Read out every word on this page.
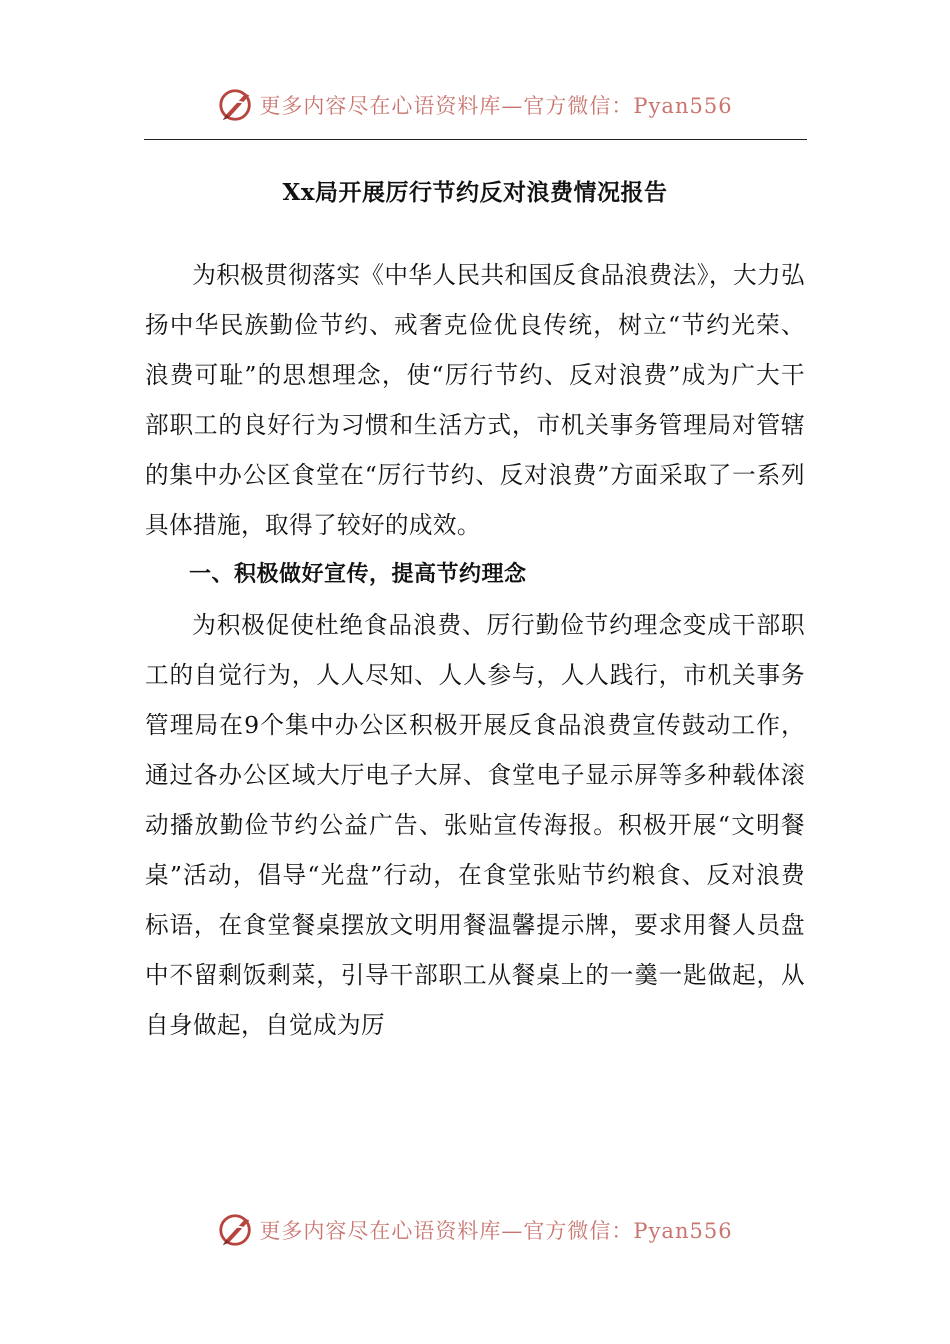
更多内容尽在心语资料库—官方微信：Pyan556
Xx局开展厉行节约反对浪费情况报告

为积极贯彻落实《中华人民共和国反食品浪费法》，大力弘扬中华民族勤俭节约、戒奢克俭优良传统，树立“节约光荣、浪费可耻”的思想理念，使“厉行节约、反对浪费”成为广大干部职工的良好行为习惯和生活方式，市机关事务管理局对管辖的集中办公区食堂在“厉行节约、反对浪费”方面采取了一系列具体措施，取得了较好的成效。

一、积极做好宣传，提高节约理念

为积极促使杜绝食品浪费、厉行勤俭节约理念变成干部职工的自觉行为，人人尽知、人人参与，人人践行，市机关事务管理局在9个集中办公区积极开展反食品浪费宣传鼓动工作，通过各办公区域大厅电子大屏、食堂电子显示屏等多种载体滚动播放勤俭节约公益广告、张贴宣传海报。积极开展“文明餐桌”活动，倡导“光盘”行动，在食堂张贴节约粮食、反对浪费标语，在食堂餐桌摆放文明用餐温馨提示牌，要求用餐人员盘中不留剩饭剩菜，引导干部职工从餐桌上的一羹一匙做起，从自身做起，自觉成为厉

更多内容尽在心语资料库—官方微信：Pyan556
